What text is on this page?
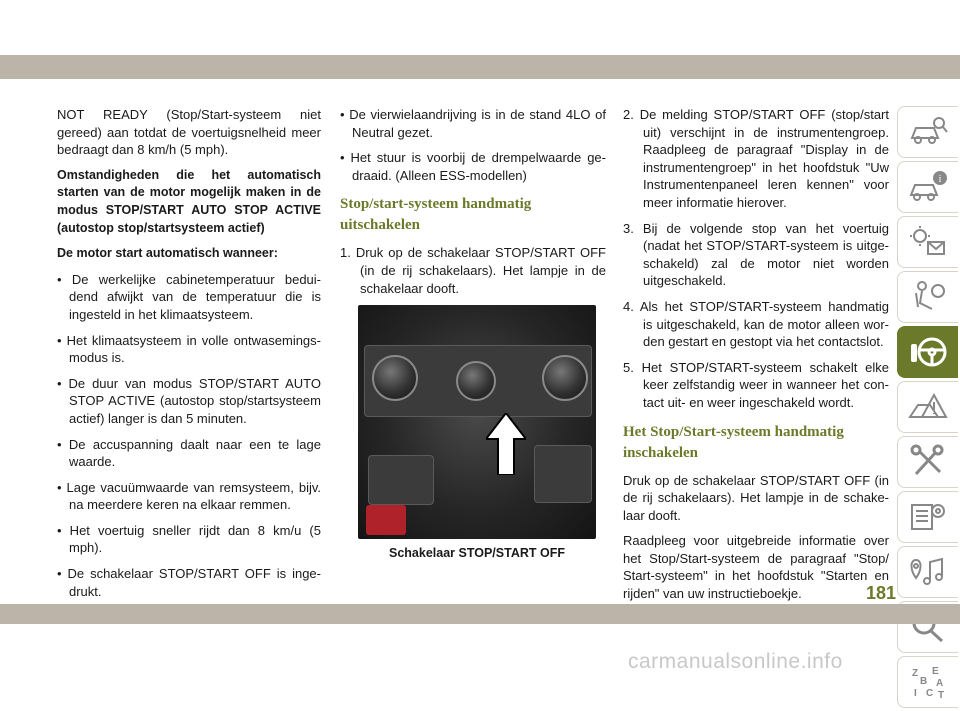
NOT READY (Stop/Start-systeem niet gereed) aan totdat de voertuigsnelheid meer bedraagt dan 8 km/h (5 mph).

Omstandigheden die het automatisch starten van de motor mogelijk maken in de modus STOP/START AUTO STOP ACTIVE (autostop stop/startsysteem actief)

De motor start automatisch wanneer:

• De werkelijke cabinetemperatuur bedui-dend afwijkt van de temperatuur die is ingesteld in het klimaatsysteem.

• Het klimaatsysteem in volle ontwasemings-modus is.

• De duur van modus STOP/START AUTO STOP ACTIVE (autostop stop/startsysteem actief) langer is dan 5 minuten.

• De accuspanning daalt naar een te lage waarde.

• Lage vacuümwaarde van remsysteem, bijv. na meerdere keren na elkaar remmen.

• Het voertuig sneller rijdt dan 8 km/u (5 mph).

• De schakelaar STOP/START OFF is inge-drukt.

• De vierwielaandrijving is in de stand 4LO of Neutral gezet.

• Het stuur is voorbij de drempelwaarde ge-draaid. (Alleen ESS-modellen)

Stop/start-systeem handmatig uitschakelen

1. Druk op de schakelaar STOP/START OFF (in de rij schakelaars). Het lampje in de schakelaar dooft.

Schakelaar STOP/START OFF

2. De melding STOP/START OFF (stop/start uit) verschijnt in de instrumentengroep. Raadpleeg de paragraaf "Display in de instrumentengroep" in het hoofdstuk "Uw Instrumentenpaneel leren kennen" voor meer informatie hierover.

3. Bij de volgende stop van het voertuig (nadat het STOP/START-systeem is uitge-schakeld) zal de motor niet worden uitgeschakeld.

4. Als het STOP/START-systeem handmatig is uitgeschakeld, kan de motor alleen wor-den gestart en gestopt via het contactslot.

5. Het STOP/START-systeem schakelt elke keer zelfstandig weer in wanneer het con-tact uit- en weer ingeschakeld wordt.

Het Stop/Start-systeem handmatig inschakelen

Druk op de schakelaar STOP/START OFF (in de rij schakelaars). Het lampje in de schake-laar dooft.

Raadpleeg voor uitgebreide informatie over het Stop/Start-systeem de paragraaf "Stop/ Start-systeem" in het hoofdstuk "Starten en rijden" van uw instructieboekje.

i
Z E
B A
I C T
181
carmanualsonline.info
